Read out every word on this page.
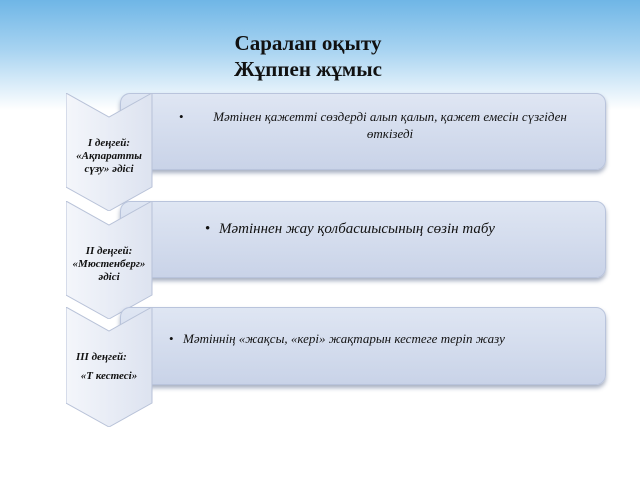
Саралап оқыту
Жұппен жұмыс
• Мәтінен қажетті сөздерді алып қалып, қажет емесін сүзгіден өткізеді
І деңгей:
«Ақпаратты
сүзу» әдісі
• Мәтіннен жау қолбасшысының сөзін табу
ІІ деңгей:
«Мюстенберг»
әдісі
• Мәтіннің «жақсы, «кері» жақтарын кестеге теріп жазу
ІІІ деңгей:
«Т кестесі»
